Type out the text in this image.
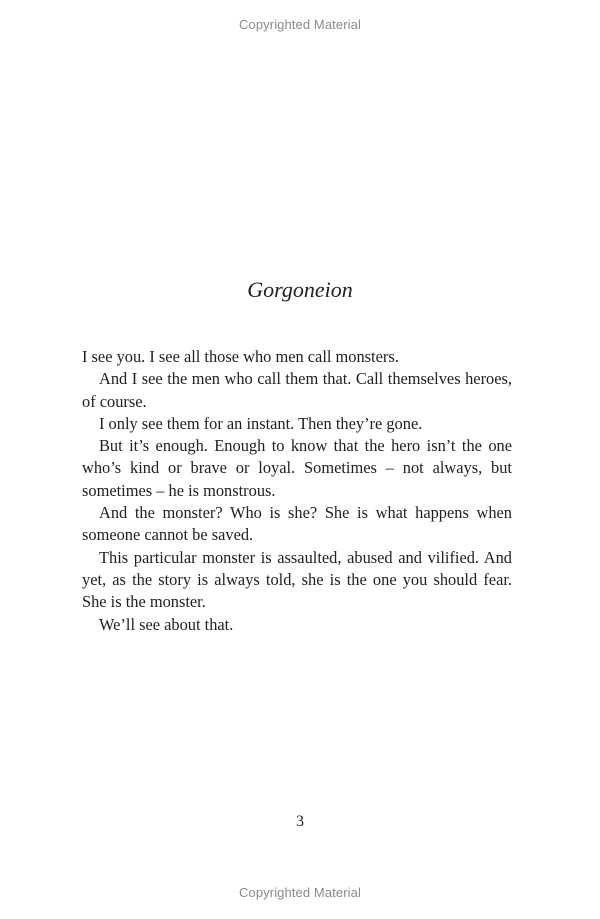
Copyrighted Material
Gorgoneion

I see you. I see all those who men call monsters.

And I see the men who call them that. Call themselves heroes, of course.

I only see them for an instant. Then they’re gone.

But it’s enough. Enough to know that the hero isn’t the one who’s kind or brave or loyal. Sometimes – not always, but sometimes – he is monstrous.

And the monster? Who is she? She is what happens when someone cannot be saved.

This particular monster is assaulted, abused and vilified. And yet, as the story is always told, she is the one you should fear. She is the monster.

We’ll see about that.

3
Copyrighted Material
